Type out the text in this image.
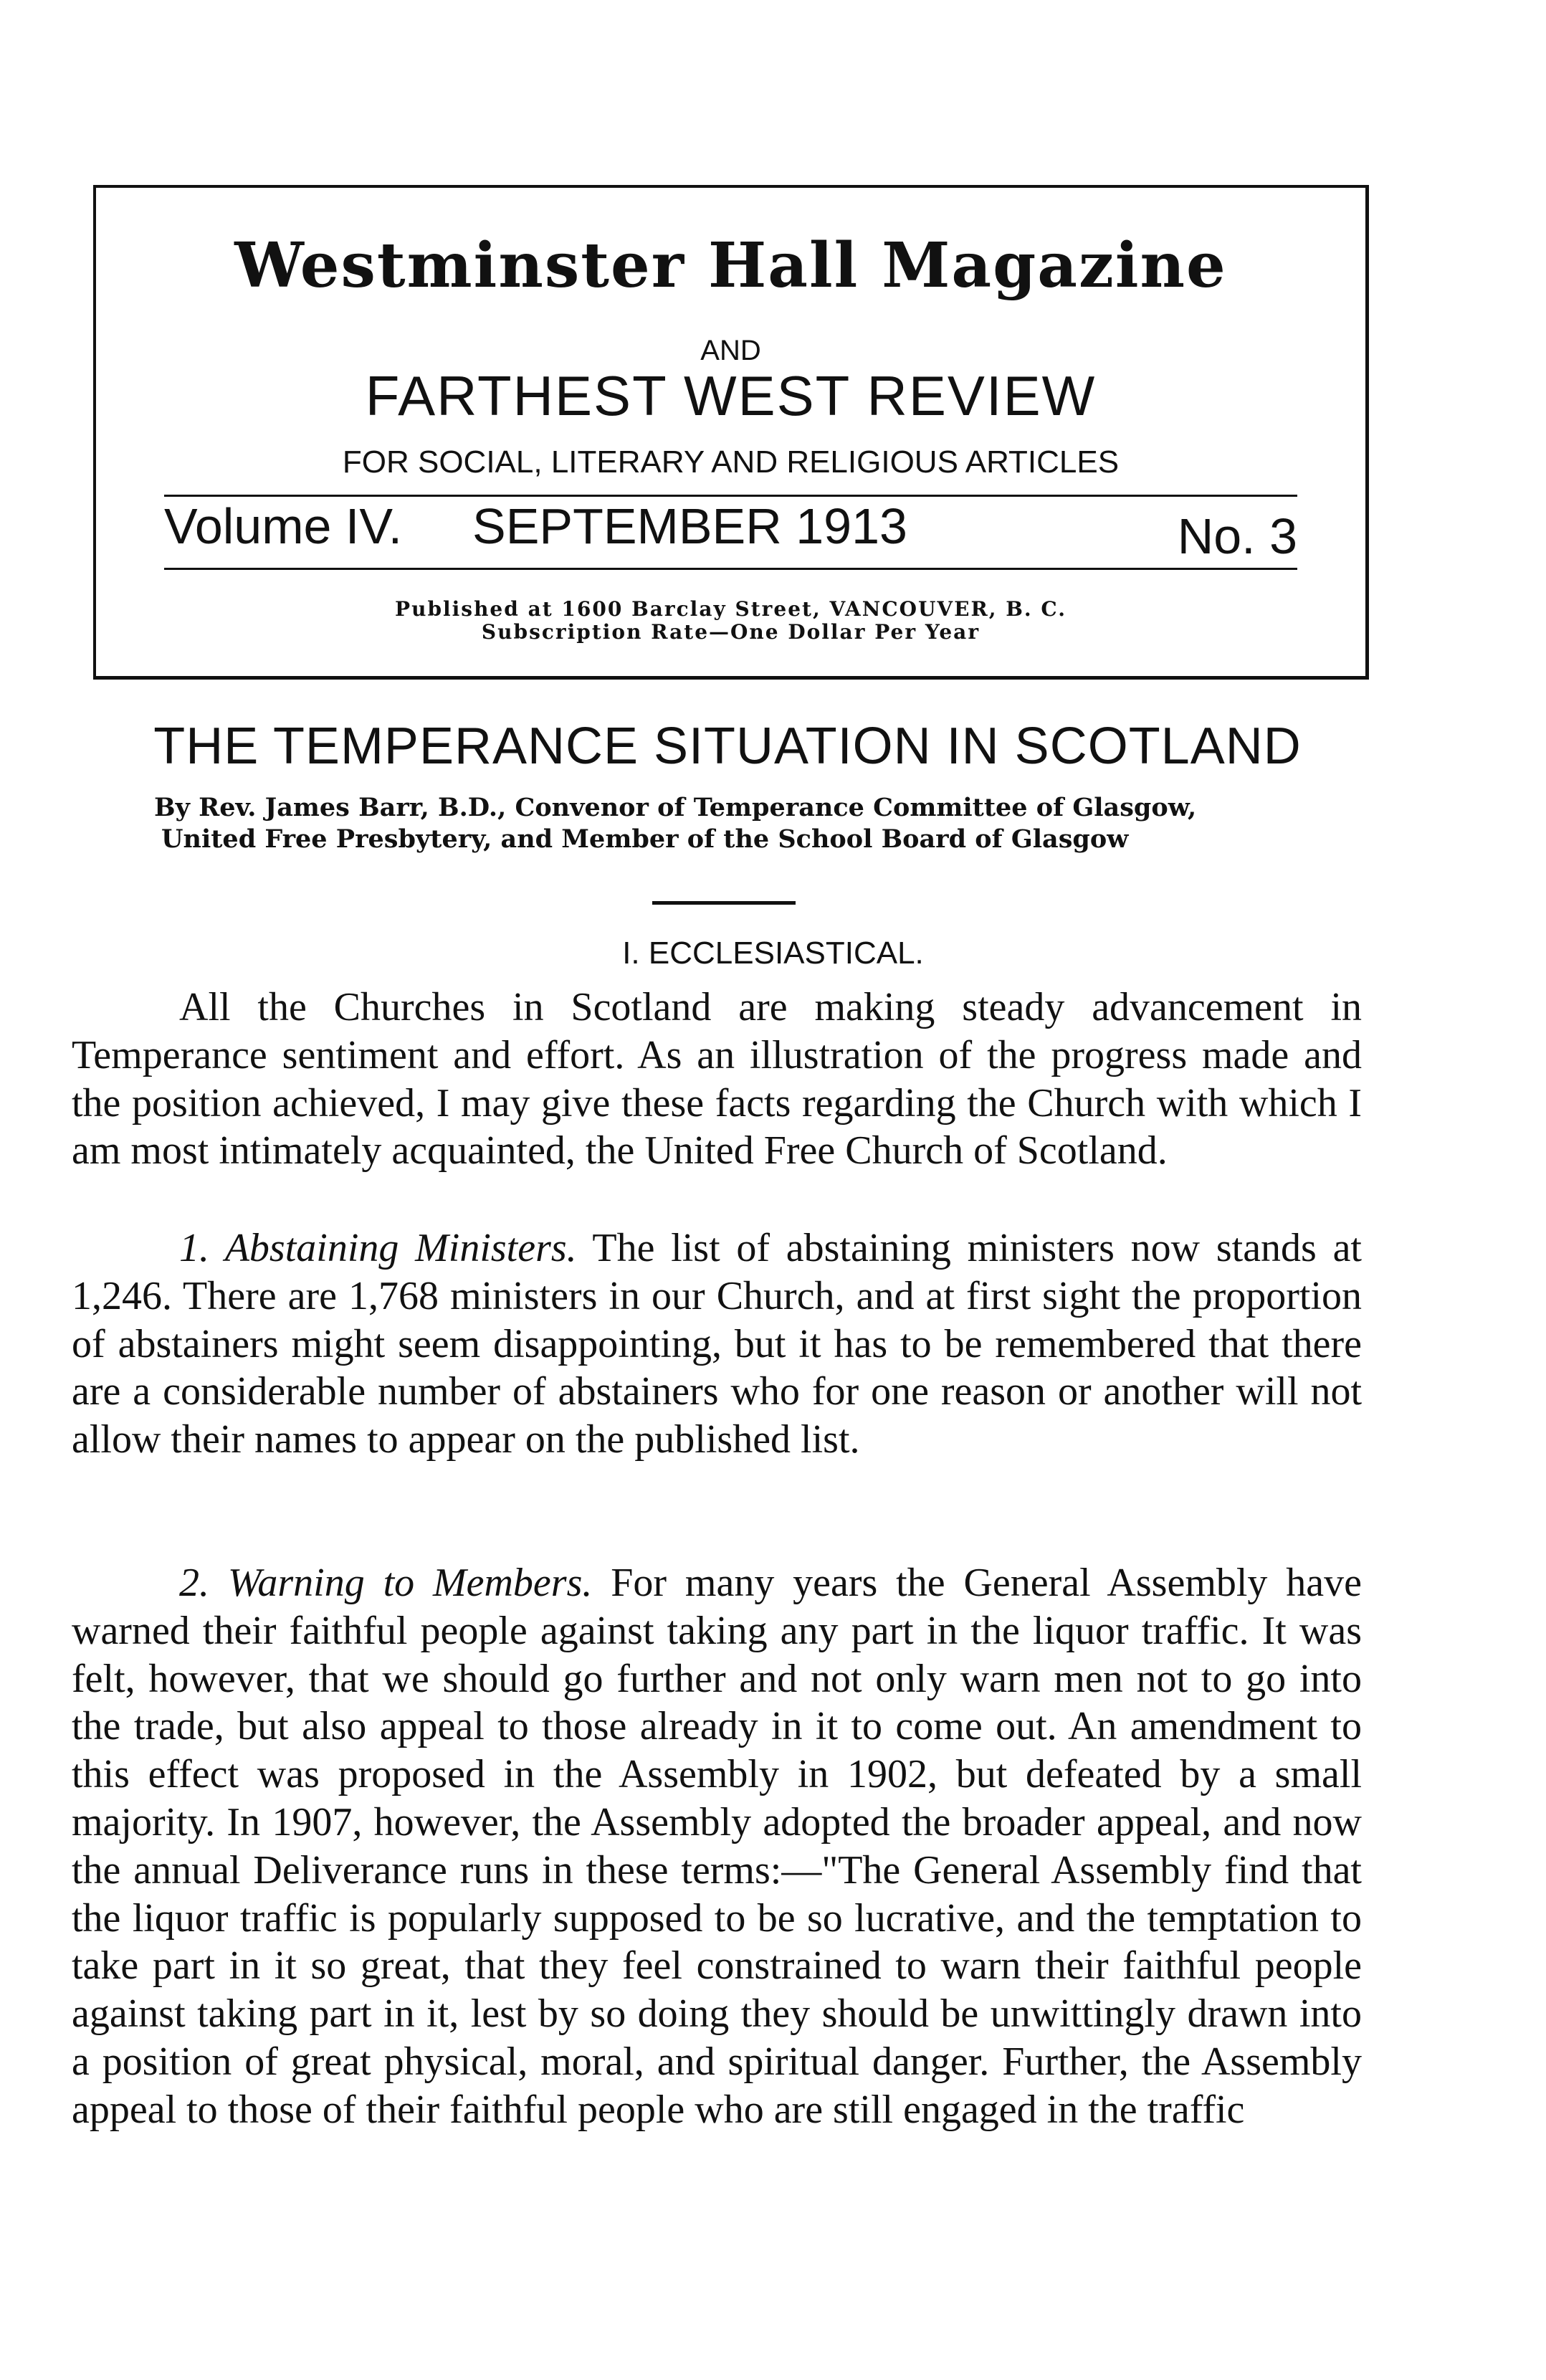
Westminster Hall Magazine
AND
FARTHEST WEST REVIEW
FOR SOCIAL, LITERARY AND RELIGIOUS ARTICLES
Volume IV. SEPTEMBER 1913	No. 3
Published at 1600 Barclay Street, VANCOUVER, B. C.
Subscription Rate—One Dollar Per Year
THE TEMPERANCE SITUATION IN SCOTLAND
By Rev. James Barr, B.D., Convenor of Temperance Committee of Glasgow,
United Free Presbytery, and Member of the School Board of Glasgow
I. ECCLESIASTICAL.

All the Churches in Scotland are making steady advancement in Temperance sentiment and effort. As an illustration of the progress made and the position achieved, I may give these facts regarding the Church with which I am most intimately acquainted, the United Free Church of Scotland.

1. Abstaining Ministers. The list of abstaining ministers now stands at 1,246. There are 1,768 ministers in our Church, and at first sight the proportion of abstainers might seem disappointing, but it has to be remembered that there are a considerable number of abstainers who for one reason or another will not allow their names to appear on the published list.

2. Warning to Members. For many years the General Assembly have warned their faithful people against taking any part in the liquor traffic. It was felt, however, that we should go further and not only warn men not to go into the trade, but also appeal to those already in it to come out. An amendment to this effect was proposed in the Assembly in 1902, but defeated by a small majority. In 1907, however, the Assembly adopted the broader appeal, and now the annual Deliverance runs in these terms:—"The General Assembly find that the liquor traffic is popularly supposed to be so lucrative, and the temptation to take part in it so great, that they feel constrained to warn their faithful people against taking part in it, lest by so doing they should be unwittingly drawn into a position of great physical, moral, and spiritual danger. Further, the Assembly appeal to those of their faithful people who are still engaged in the traffic
